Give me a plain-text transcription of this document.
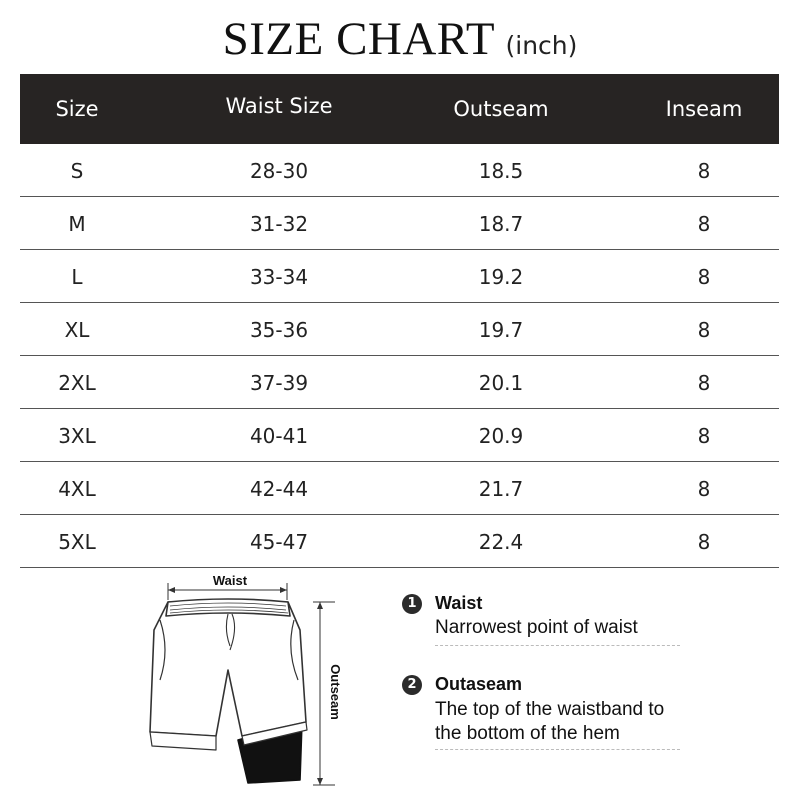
SIZE CHART (inch)
Size	Waist Size	Outseam	Inseam
S	28-30	18.5	8
M	31-32	18.7	8
L	33-34	19.2	8
XL	35-36	19.7	8
2XL	37-39	20.1	8
3XL	40-41	20.9	8
4XL	42-44	21.7	8
5XL	45-47	22.4	8
Waist
Outseam
1	Waist
Narrowest point of waist
2	Outaseam
The top of the waistband to
the bottom of the hem
